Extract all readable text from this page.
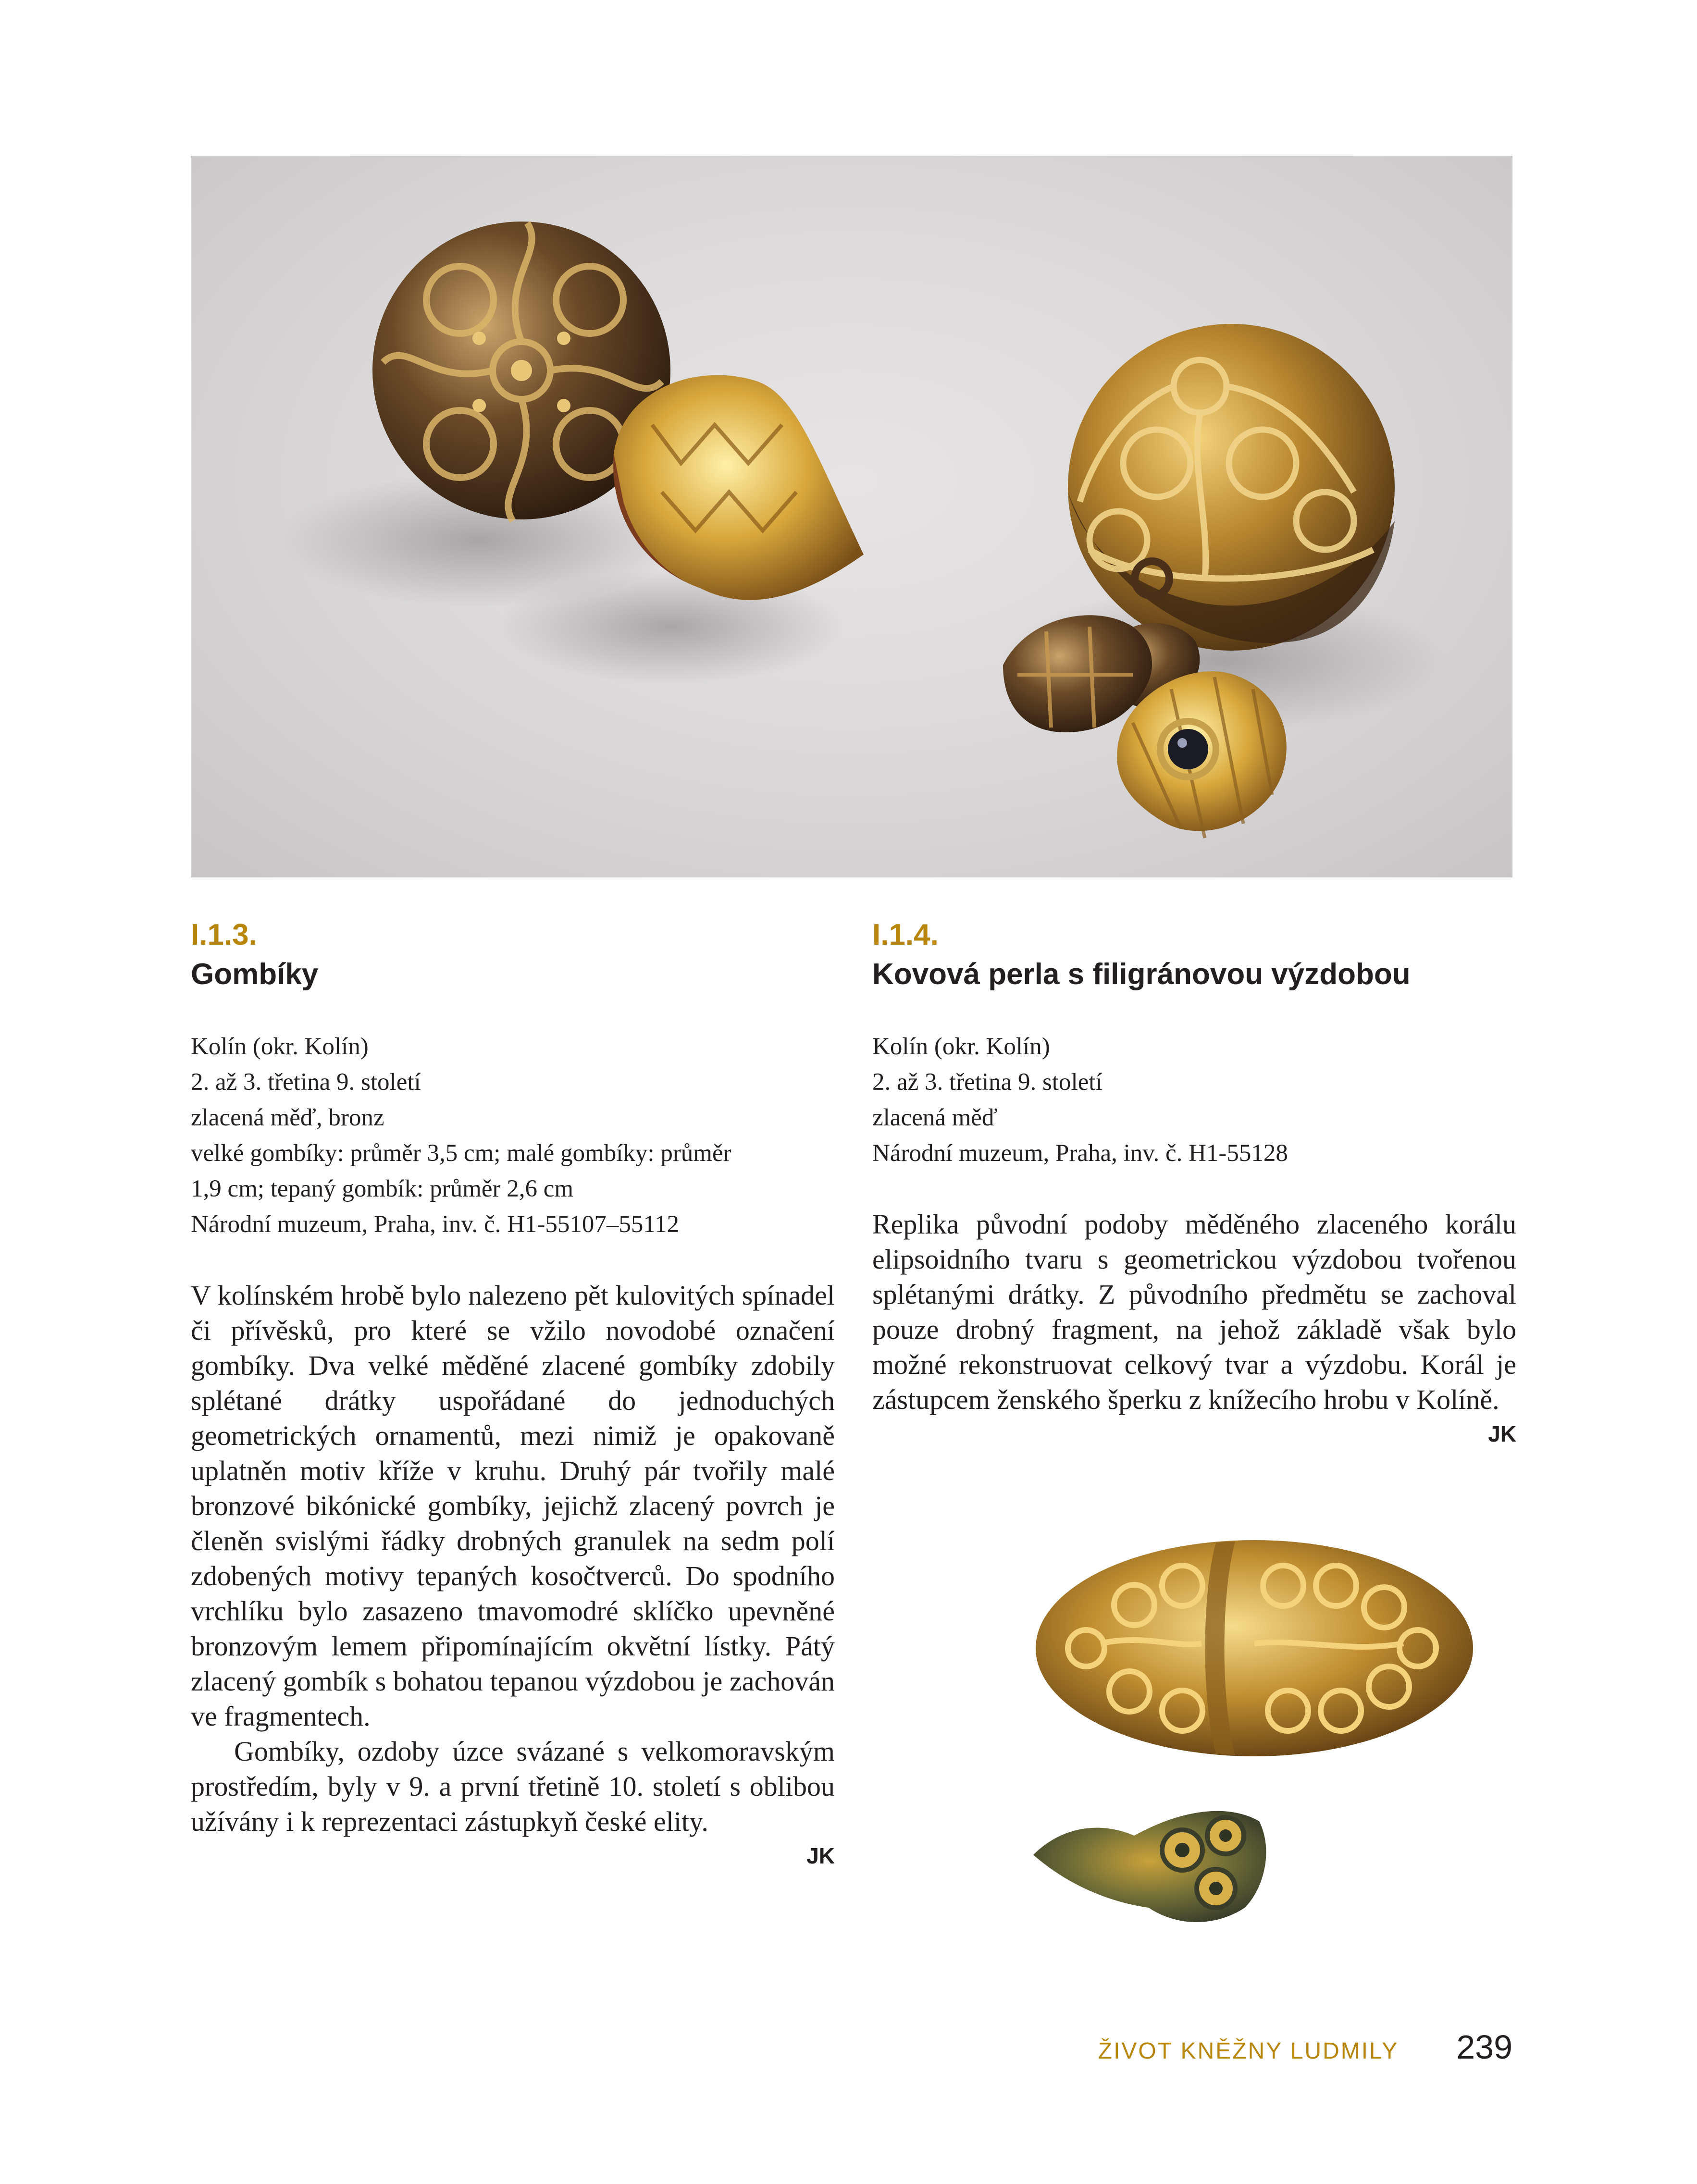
I.1.3.

Gombíky

Kolín (okr. Kolín)
2. až 3. třetina 9. století
zlacená měď, bronz
velké gombíky: průměr 3,5 cm; malé gombíky: průměr
1,9 cm; tepaný gombík: průměr 2,6 cm
Národní muzeum, Praha, inv. č. H1-55107–55112

V kolínském hrobě bylo nalezeno pět kulovitých spínadel či přívěsků, pro které se vžilo novodobé označení gombíky. Dva velké měděné zlacené gombíky zdobily splétané drátky uspořádané do jednoduchých geometrických ornamentů, mezi nimiž je opakovaně uplatněn motiv kříže v kruhu. Druhý pár tvořily malé bronzové bikónické gombíky, jejichž zlacený povrch je členěn svislými řádky drobných granulek na sedm polí zdobených motivy tepaných kosočtverců. Do spodního vrchlíku bylo zasazeno tmavomodré sklíčko upevněné bronzovým lemem připomínajícím okvětní lístky. Pátý zlacený gombík s bohatou tepanou výzdobou je zachován ve fragmentech.

Gombíky, ozdoby úzce svázané s velkomoravským prostředím, byly v 9. a první třetině 10. století s oblibou užívány i k reprezentaci zástupkyň české elity.

JK

I.1.4.

Kovová perla s filigránovou výzdobou

Kolín (okr. Kolín)
2. až 3. třetina 9. století
zlacená měď
Národní muzeum, Praha, inv. č. H1-55128

Replika původní podoby měděného zlaceného korálu elipsoidního tvaru s geometrickou výzdobou tvořenou splétanými drátky. Z původního předmětu se zachoval pouze drobný fragment, na jehož základě však bylo možné rekonstruovat celkový tvar a výzdobu. Korál je zástupcem ženského šperku z knížecího hrobu v Kolíně.

JK
ŽIVOT KNĚŽNY LUDMILY 239
